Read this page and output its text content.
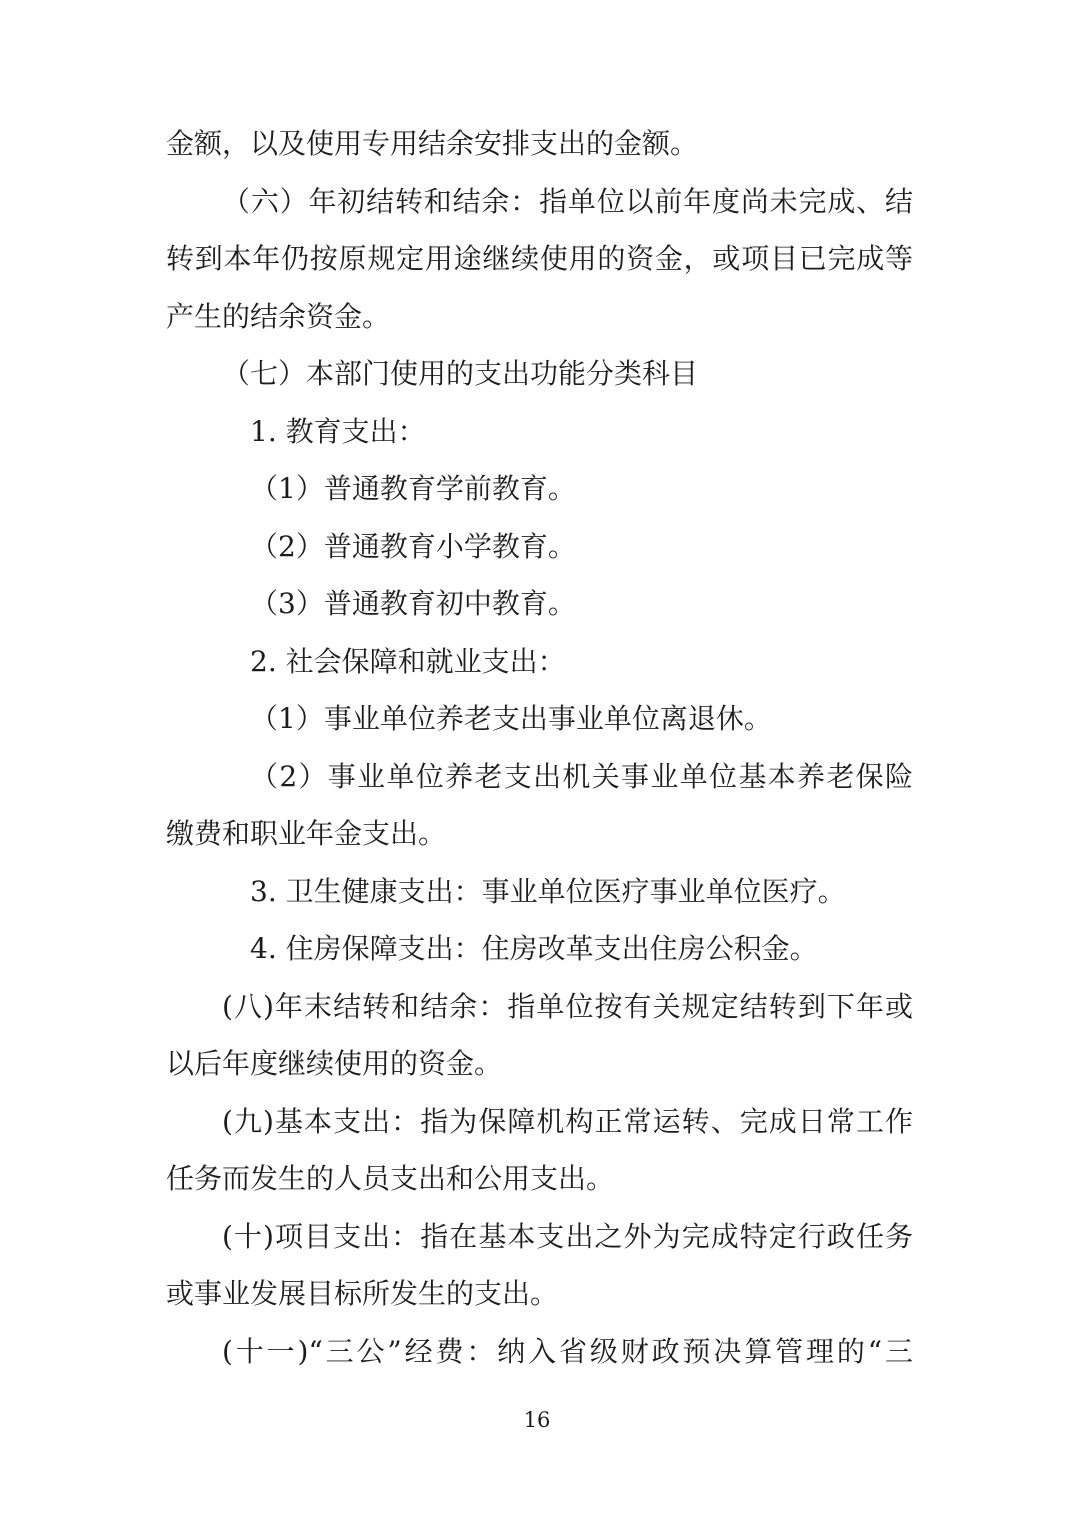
金额，以及使用专用结余安排支出的金额。
（六）年初结转和结余：指单位以前年度尚未完成、结
转到本年仍按原规定用途继续使用的资金，或项目已完成等
产生的结余资金。
（七）本部门使用的支出功能分类科目
1. 教育支出：
（1）普通教育学前教育。
（2）普通教育小学教育。
（3）普通教育初中教育。
2. 社会保障和就业支出：
（1）事业单位养老支出事业单位离退休。
（2）事业单位养老支出机关事业单位基本养老保险
缴费和职业年金支出。
3. 卫生健康支出：事业单位医疗事业单位医疗。
4. 住房保障支出：住房改革支出住房公积金。
(八)年末结转和结余：指单位按有关规定结转到下年或
以后年度继续使用的资金。
(九)基本支出：指为保障机构正常运转、完成日常工作
任务而发生的人员支出和公用支出。
(十)项目支出：指在基本支出之外为完成特定行政任务
或事业发展目标所发生的支出。
(十一)“三公”经费：纳入省级财政预决算管理的“三
16
